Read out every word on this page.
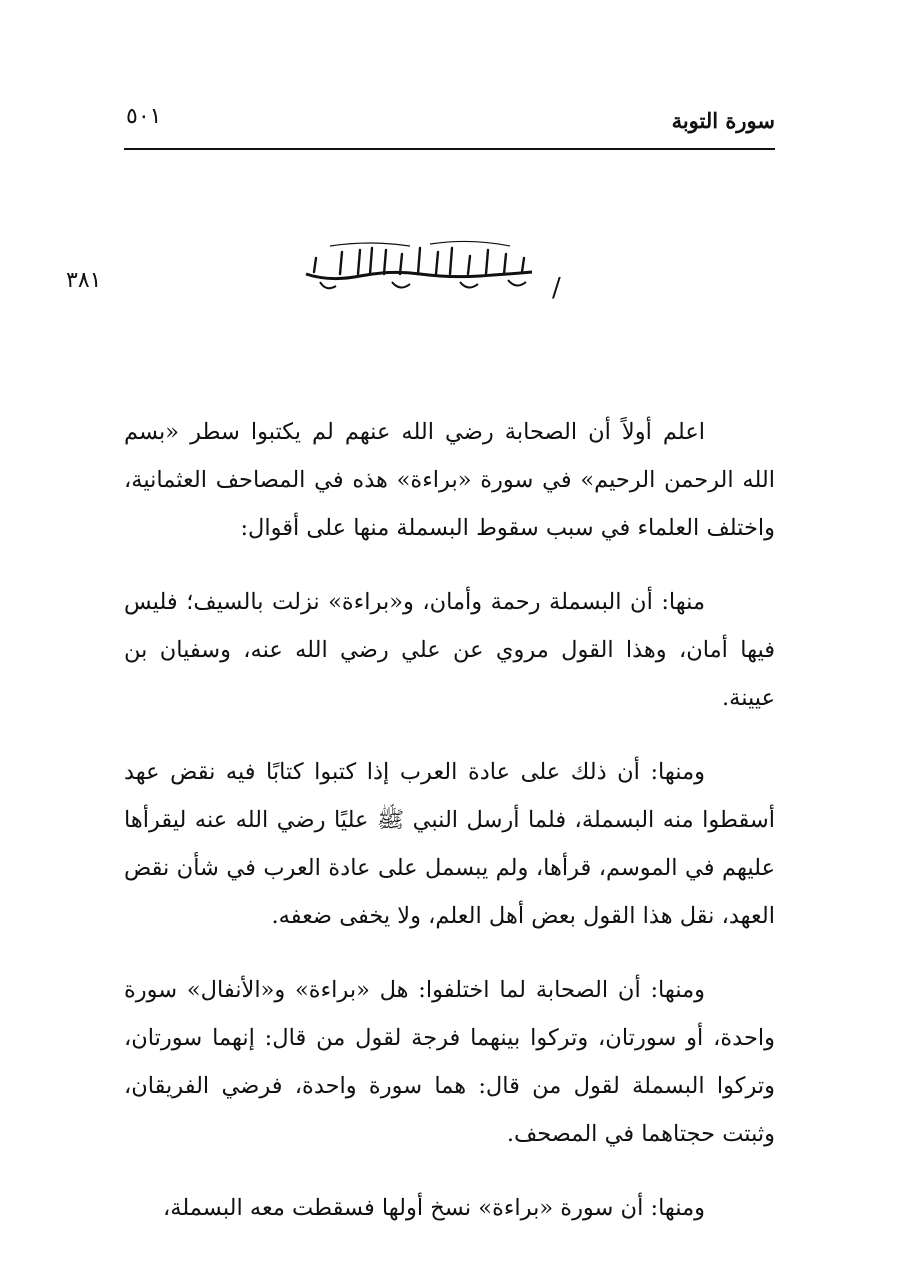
سورة التوبة
٥٠١
٣٨١	/

اعلم أولاً أن الصحابة رضي الله عنهم لم يكتبوا سطر «بسم الله الرحمن الرحيم» في سورة «براءة» هذه في المصاحف العثمانية، واختلف العلماء في سبب سقوط البسملة منها على أقوال:

منها: أن البسملة رحمة وأمان، و«براءة» نزلت بالسيف؛ فليس فيها أمان، وهذا القول مروي عن علي رضي الله عنه، وسفيان بن عيينة.

ومنها: أن ذلك على عادة العرب إذا كتبوا كتابًا فيه نقض عهد أسقطوا منه البسملة، فلما أرسل النبي ﷺ عليًا رضي الله عنه ليقرأها عليهم في الموسم، قرأها، ولم يبسمل على عادة العرب في شأن نقض العهد، نقل هذا القول بعض أهل العلم، ولا يخفى ضعفه.

ومنها: أن الصحابة لما اختلفوا: هل «براءة» و«الأنفال» سورة واحدة، أو سورتان، وتركوا بينهما فرجة لقول من قال: إنهما سورتان، وتركوا البسملة لقول من قال: هما سورة واحدة، فرضي الفريقان، وثبتت حجتاهما في المصحف.

ومنها: أن سورة «براءة» نسخ أولها فسقطت معه البسملة،
